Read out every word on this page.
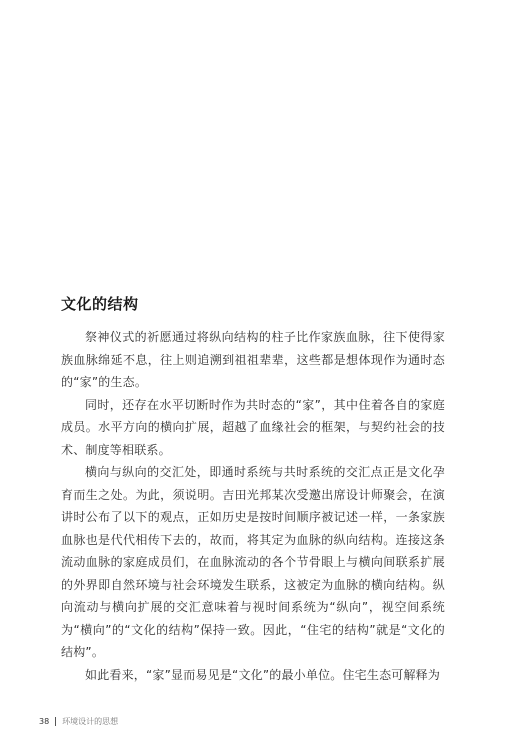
文化的结构

祭神仪式的祈愿通过将纵向结构的柱子比作家族血脉，往下使得家族血脉绵延不息，往上则追溯到祖祖辈辈，这些都是想体现作为通时态的“家”的生态。

同时，还存在水平切断时作为共时态的“家”，其中住着各自的家庭成员。水平方向的横向扩展，超越了血缘社会的框架，与契约社会的技术、制度等相联系。

横向与纵向的交汇处，即通时系统与共时系统的交汇点正是文化孕育而生之处。为此，须说明。吉田光邦某次受邀出席设计师聚会，在演讲时公布了以下的观点，正如历史是按时间顺序被记述一样，一条家族血脉也是代代相传下去的，故而，将其定为血脉的纵向结构。连接这条流动血脉的家庭成员们，在血脉流动的各个节骨眼上与横向间联系扩展的外界即自然环境与社会环境发生联系，这被定为血脉的横向结构。纵向流动与横向扩展的交汇意味着与视时间系统为“纵向”，视空间系统为“横向”的“文化的结构”保持一致。因此，“住宅的结构”就是“文化的结构”。

如此看来，“家”显而易见是“文化”的最小单位。住宅生态可解释为

38 环境设计的思想
